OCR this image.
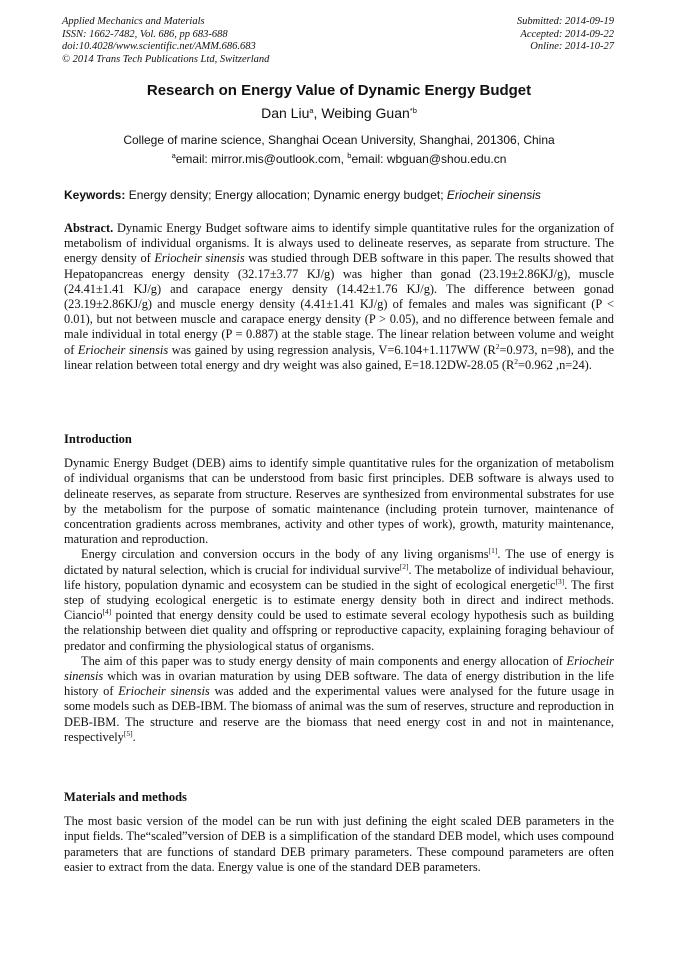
Applied Mechanics and Materials
ISSN: 1662-7482, Vol. 686, pp 683-688
doi:10.4028/www.scientific.net/AMM.686.683
© 2014 Trans Tech Publications Ltd, Switzerland
Submitted: 2014-09-19
Accepted: 2014-09-22
Online: 2014-10-27
Research on Energy Value of Dynamic Energy Budget
Dan Liu$^a$, Weibing Guan$^{*b}$
College of marine science, Shanghai Ocean University, Shanghai, 201306, China
$^a$email: mirror.mis@outlook.com, $^b$email: wbguan@shou.edu.cn
Keywords: Energy density; Energy allocation; Dynamic energy budget; Eriocheir sinensis
Abstract. Dynamic Energy Budget software aims to identify simple quantitative rules for the organization of metabolism of individual organisms. It is always used to delineate reserves, as separate from structure. The energy density of Eriocheir sinensis was studied through DEB software in this paper. The results showed that Hepatopancreas energy density (32.17±3.77 KJ/g) was higher than gonad (23.19±2.86KJ/g), muscle (24.41±1.41 KJ/g) and carapace energy density (14.42±1.76 KJ/g). The difference between gonad (23.19±2.86KJ/g) and muscle energy density (4.41±1.41 KJ/g) of females and males was significant (P < 0.01), but not between muscle and carapace energy density (P > 0.05), and no difference between female and male individual in total energy (P = 0.887) at the stable stage. The linear relation between volume and weight of Eriocheir sinensis was gained by using regression analysis, V=6.104+1.117WW ($R^2=0.973$, n=98), and the linear relation between total energy and dry weight was also gained, E=18.12DW-28.05 ($R^2=0.962$ ,n=24).
Introduction

Dynamic Energy Budget (DEB) aims to identify simple quantitative rules for the organization of metabolism of individual organisms that can be understood from basic first principles. DEB software is always used to delineate reserves, as separate from structure. Reserves are synthesized from environmental substrates for use by the metabolism for the purpose of somatic maintenance (including protein turnover, maintenance of concentration gradients across membranes, activity and other types of work), growth, maturity maintenance, maturation and reproduction.

Energy circulation and conversion occurs in the body of any living organisms[1]. The use of energy is dictated by natural selection, which is crucial for individual survive[2]. The metabolize of individual behaviour, life history, population dynamic and ecosystem can be studied in the sight of ecological energetic[3]. The first step of studying ecological energetic is to estimate energy density both in direct and indirect methods. Ciancio[4] pointed that energy density could be used to estimate several ecology hypothesis such as building the relationship between diet quality and offspring or reproductive capacity, explaining foraging behaviour of predator and confirming the physiological status of organisms.

The aim of this paper was to study energy density of main components and energy allocation of Eriocheir sinensis which was in ovarian maturation by using DEB software. The data of energy distribution in the life history of Eriocheir sinensis was added and the experimental values were analysed for the future usage in some models such as DEB-IBM. The biomass of animal was the sum of reserves, structure and reproduction in DEB-IBM. The structure and reserve are the biomass that need energy cost in and not in maintenance, respectively[5].

Materials and methods

The most basic version of the model can be run with just defining the eight scaled DEB parameters in the input fields. The“scaled”version of DEB is a simplification of the standard DEB model, which uses compound parameters that are functions of standard DEB primary parameters. These compound parameters are often easier to extract from the data. Energy value is one of the standard DEB parameters.
